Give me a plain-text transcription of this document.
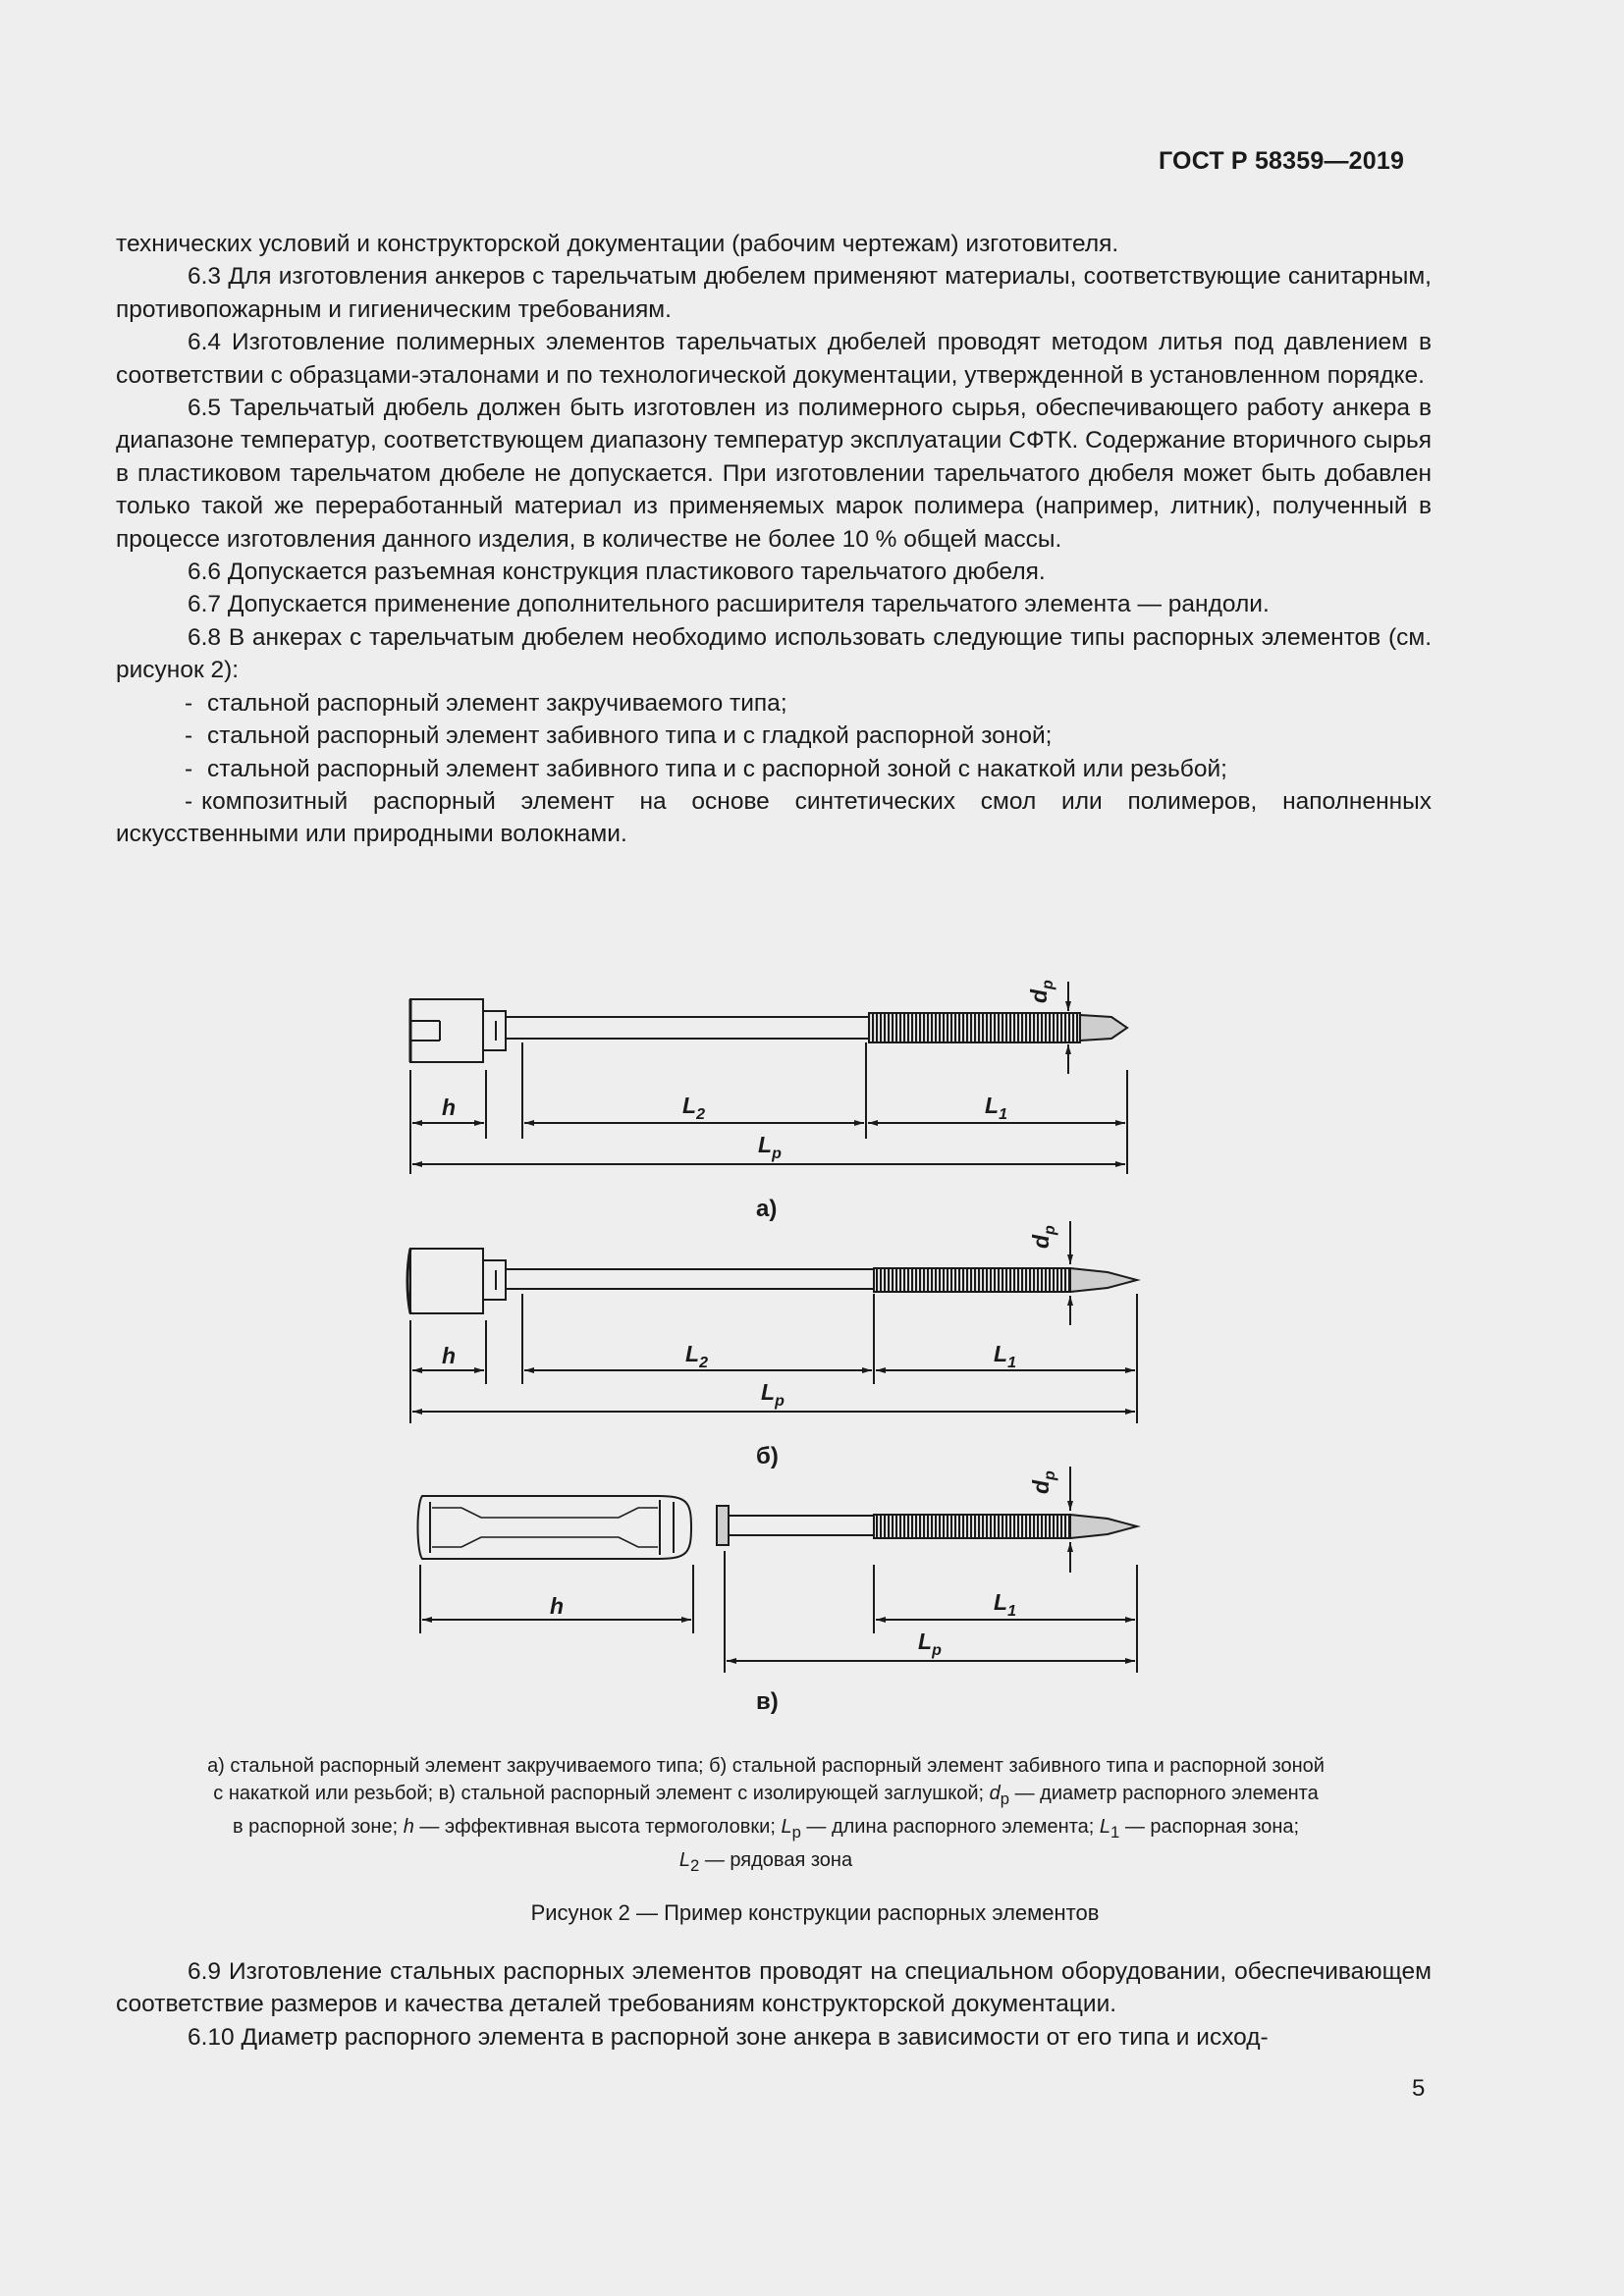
ГОСТ Р 58359—2019

технических условий и конструкторской документации (рабочим чертежам) изготовителя.

6.3 Для изготовления анкеров с тарельчатым дюбелем применяют материалы, соответствующие санитарным, противопожарным и гигиеническим требованиям.

6.4 Изготовление полимерных элементов тарельчатых дюбелей проводят методом литья под давлением в соответствии с образцами-эталонами и по технологической документации, утвержденной в установленном порядке.

6.5 Тарельчатый дюбель должен быть изготовлен из полимерного сырья, обеспечивающего работу анкера в диапазоне температур, соответствующем диапазону температур эксплуатации СФТК. Содержание вторичного сырья в пластиковом тарельчатом дюбеле не допускается. При изготовлении тарельчатого дюбеля может быть добавлен только такой же переработанный материал из применяемых марок полимера (например, литник), полученный в процессе изготовления данного изделия, в количестве не более 10 % общей массы.

6.6 Допускается разъемная конструкция пластикового тарельчатого дюбеля.

6.7 Допускается применение дополнительного расширителя тарельчатого элемента — рандоли.

6.8 В анкерах с тарельчатым дюбелем необходимо использовать следующие типы распорных элементов (см. рисунок 2):

- стальной распорный элемент закручиваемого типа;

- стальной распорный элемент забивного типа и с гладкой распорной зоной;

- стальной распорный элемент забивного типа и с распорной зоной с накаткой или резьбой;

- композитный распорный элемент на основе синтетических смол или полимеров, наполненных искусственными или природными волокнами.

h	$L_2$	$L_1$
$L_p$
$d_p$
h	$L_2$	$L_1$
$L_p$
$d_p$
h	$L_1$
$L_p$
$d_p$
а)
б)
в)
а) стальной распорный элемент закручиваемого типа; б) стальной распорный элемент забивного типа и распорной зоной
с накаткой или резьбой; в) стальной распорный элемент с изолирующей заглушкой; $d_р$ — диаметр распорного элемента
в распорной зоне; h — эффективная высота термоголовки; $L_р$ — длина распорного элемента; $L_1$ — распорная зона;
$L_2$ — рядовая зона
Рисунок 2 — Пример конструкции распорных элементов

6.9 Изготовление стальных распорных элементов проводят на специальном оборудовании, обеспечивающем соответствие размеров и качества деталей требованиям конструкторской документации.

6.10 Диаметр распорного элемента в распорной зоне анкера в зависимости от его типа и исход-

5
